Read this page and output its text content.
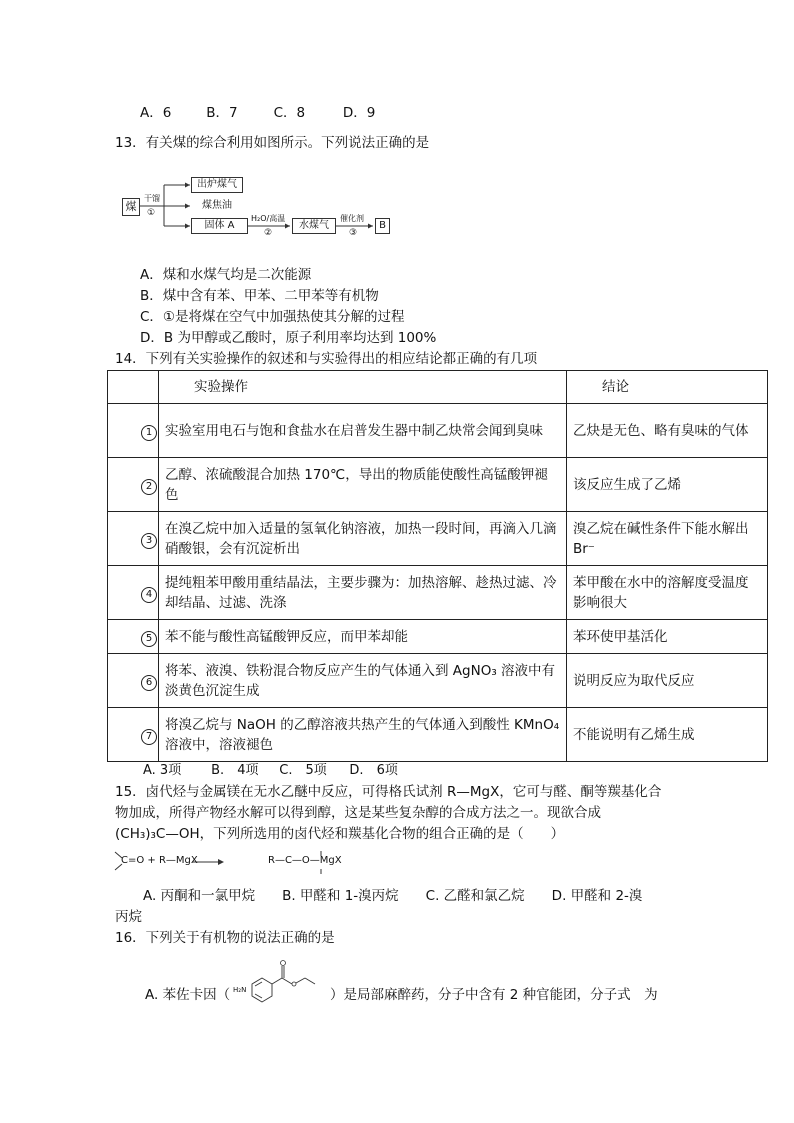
A．6	B．7	C．8	D．9
13．有关煤的综合利用如图所示。下列说法正确的是
煤
干馏
①
出炉煤气
煤焦油
固体 A
H₂O/高温
②
水煤气
催化剂
③
B
A．煤和水煤气均是二次能源
B．煤中含有苯、甲苯、二甲苯等有机物
C．①是将煤在空气中加强热使其分解的过程
D．B 为甲醇或乙酸时，原子利用率均达到 100%
14．下列有关实验操作的叙述和与实验得出的相应结论都正确的有几项
	实验操作	结论
1	实验室用电石与饱和食盐水在启普发生器中制乙炔常会闻到臭味	乙炔是无色、略有臭味的气体
2	乙醇、浓硫酸混合加热 170℃，导出的物质能使酸性高锰酸钾褪色	该反应生成了乙烯
3	在溴乙烷中加入适量的氢氧化钠溶液，加热一段时间，再滴入几滴硝酸银，会有沉淀析出	溴乙烷在碱性条件下能水解出 Br⁻
4	提纯粗苯甲酸用重结晶法，主要步骤为：加热溶解、趁热过滤、冷却结晶、过滤、洗涤	苯甲酸在水中的溶解度受温度影响很大
5	苯不能与酸性高锰酸钾反应，而甲苯却能	苯环使甲基活化
6	将苯、液溴、铁粉混合物反应产生的气体通入到 AgNO₃ 溶液中有淡黄色沉淀生成	说明反应为取代反应
7	将溴乙烷与 NaOH 的乙醇溶液共热产生的气体通入到酸性 KMnO₄ 溶液中，溶液褪色	不能说明有乙烯生成
A. 3项 B.　4项 C.　5项 D.　6项
15．卤代烃与金属镁在无水乙醚中反应，可得格氏试剂 R—MgX，它可与醛、酮等羰基化合
物加成，所得产物经水解可以得到醇，这是某些复杂醇的合成方法之一。现欲合成
(CH₃)₃C—OH，下列所选用的卤代烃和羰基化合物的组合正确的是（　　）
C=O + R—MgX	R—C—O—MgX
A. 丙酮和一氯甲烷　　B. 甲醛和 1-溴丙烷　　C. 乙醛和氯乙烷　　D. 甲醛和 2-溴
丙烷
16．下列关于有机物的说法正确的是
A. 苯佐卡因（ H₂N	）是局部麻醉药，分子中含有 2 种官能团，分子式　为
